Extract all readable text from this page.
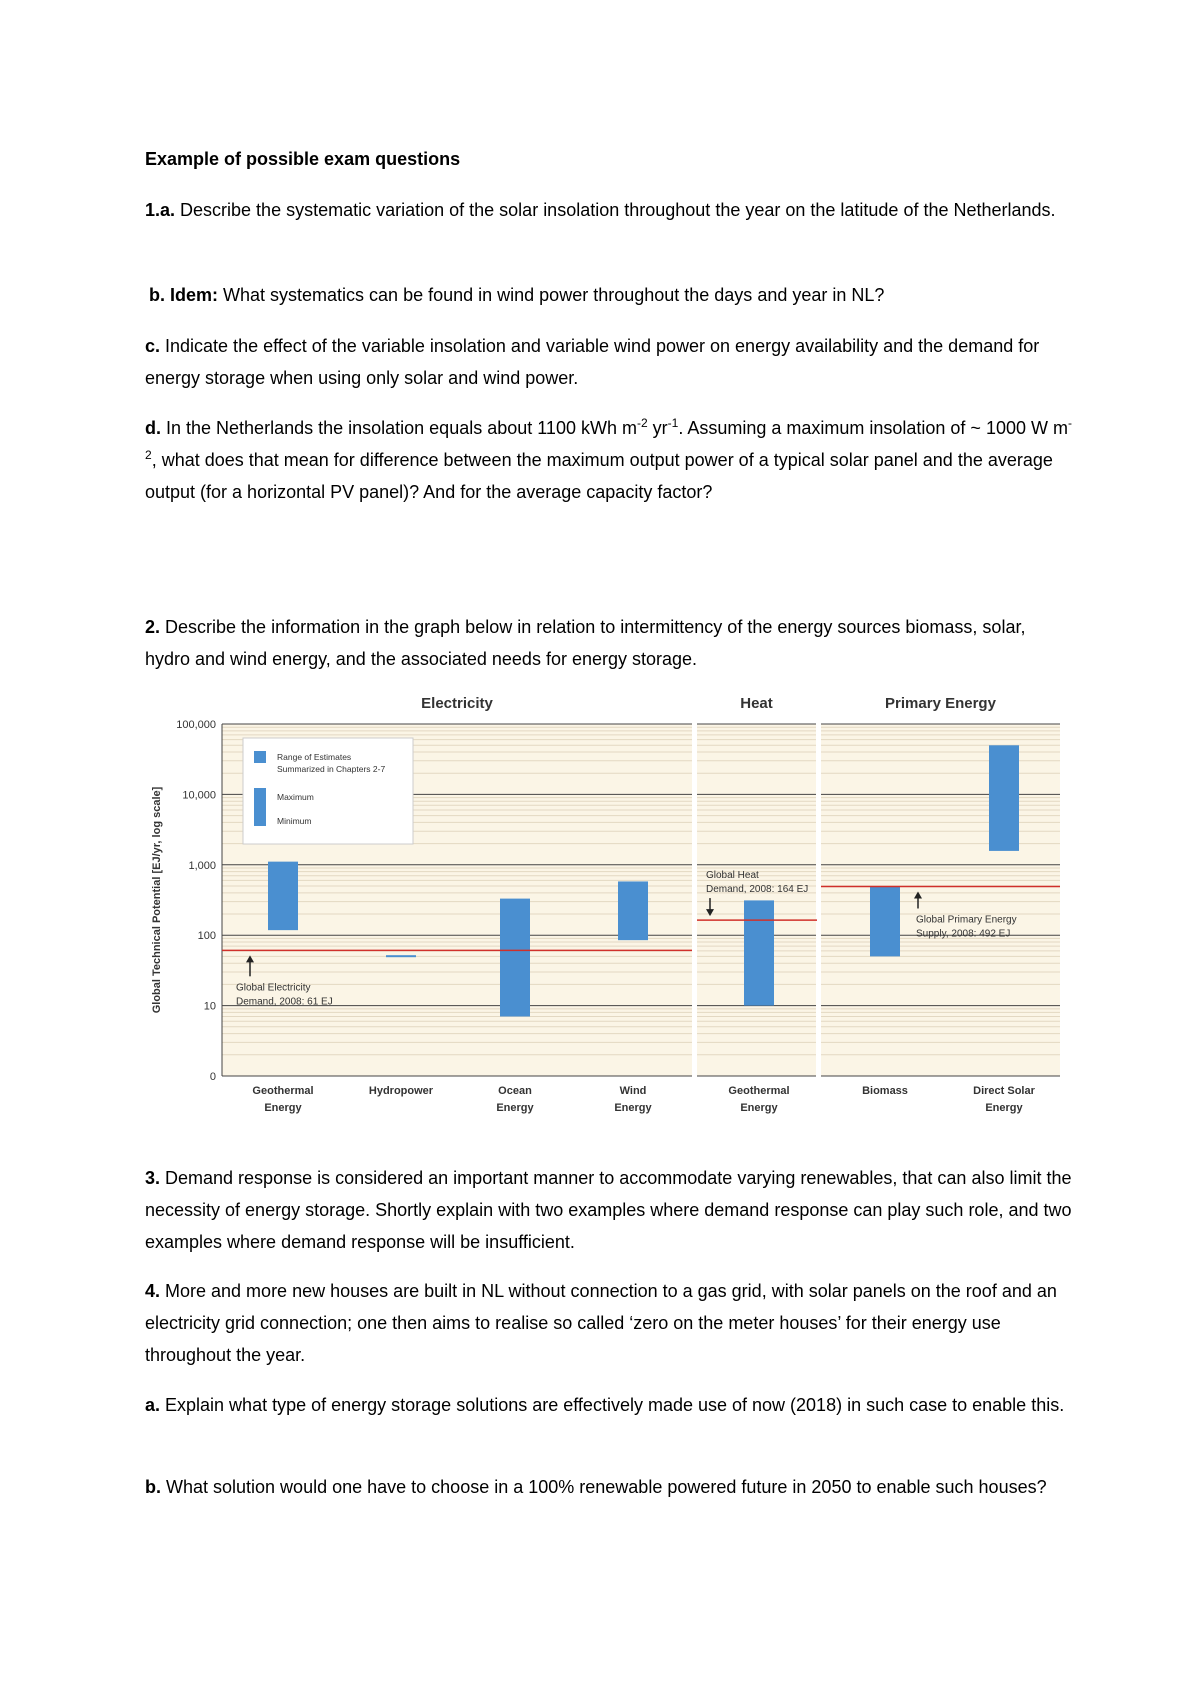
Example of possible exam questions

1.a. Describe the systematic variation of the solar insolation throughout the year on the latitude of the Netherlands.

b. Idem: What systematics can be found in wind power throughout the days and year in NL?

c. Indicate the effect of the variable insolation and variable wind power on energy availability and the demand for energy storage when using only solar and wind power.

d. In the Netherlands the insolation equals about 1100 kWh $m^{-2}$ $yr^{-1}$. Assuming a maximum insolation of ~ 1000 W $m^{-2}$, what does that mean for difference between the maximum output power of a typical solar panel and the average output (for a horizontal PV panel)? And for the average capacity factor?

2. Describe the information in the graph below in relation to intermittency of the energy sources biomass, solar, hydro and wind energy, and the associated needs for energy storage.

0
10
100
1,000
10,000
100,000
Global Technical Potential [EJ/yr, log scale]
Electricity
Geothermal
Energy
Hydropower	Ocean
Energy
Wind
Energy
Heat
Geothermal
Energy
Primary Energy
Biomass	Direct Solar
Energy
Global Electricity
Demand, 2008: 61 EJ
Global Heat
Demand, 2008: 164 EJ
Global Primary Energy
Supply, 2008: 492 EJ
Range of Estimates
Summarized in Chapters 2-7
Maximum
Minimum

3. Demand response is considered an important manner to accommodate varying renewables, that can also limit the necessity of energy storage. Shortly explain with two examples where demand response can play such role, and two examples where demand response will be insufficient.

4. More and more new houses are built in NL without connection to a gas grid, with solar panels on the roof and an electricity grid connection; one then aims to realise so called ‘zero on the meter houses’ for their energy use throughout the year.

a. Explain what type of energy storage solutions are effectively made use of now (2018) in such case to enable this.

b. What solution would one have to choose in a 100% renewable powered future in 2050 to enable such houses?
